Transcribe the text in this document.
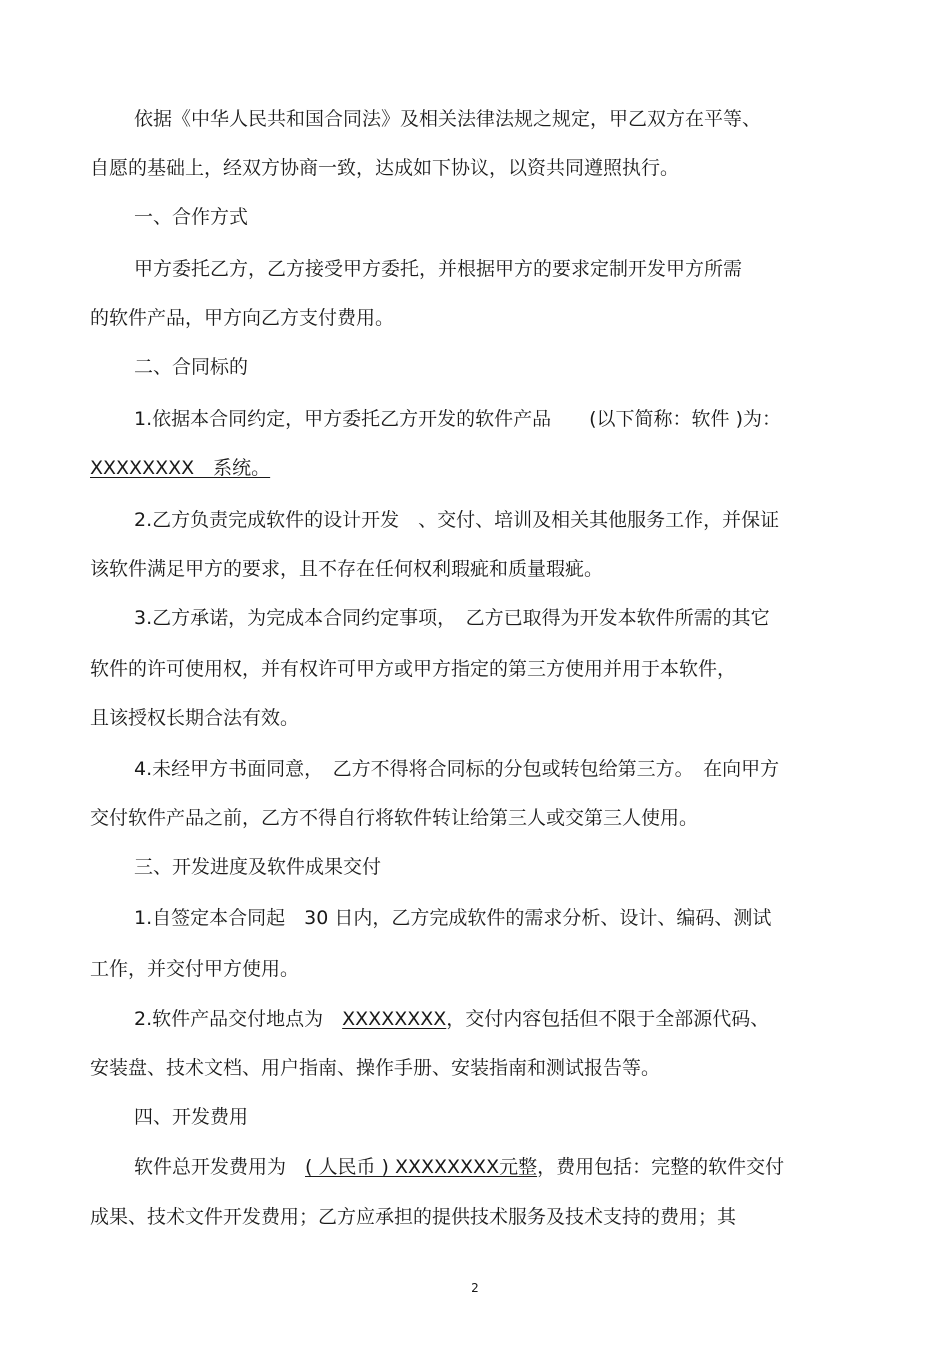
依据《中华人民共和国合同法》及相关法律法规之规定，甲乙双方在平等、
自愿的基础上，经双方协商一致，达成如下协议，以资共同遵照执行。
一、合作方式
甲方委托乙方，乙方接受甲方委托，并根据甲方的要求定制开发甲方所需
的软件产品，甲方向乙方支付费用。
二、合同标的
1.依据本合同约定，甲方委托乙方开发的软件产品　　(以下简称：软件 )为：
XXXXXXXX　系统。
2.乙方负责完成软件的设计开发　、交付、培训及相关其他服务工作，并保证
该软件满足甲方的要求，且不存在任何权利瑕疵和质量瑕疵。
3.乙方承诺，为完成本合同约定事项，　乙方已取得为开发本软件所需的其它
软件的许可使用权，并有权许可甲方或甲方指定的第三方使用并用于本软件，
且该授权长期合法有效。
4.未经甲方书面同意，　乙方不得将合同标的分包或转包给第三方。　在向甲方
交付软件产品之前，乙方不得自行将软件转让给第三人或交第三人使用。
三、开发进度及软件成果交付
1.自签定本合同起　30 日内，乙方完成软件的需求分析、设计、编码、测试
工作，并交付甲方使用。
2.软件产品交付地点为　XXXXXXXX，交付内容包括但不限于全部源代码、
安装盘、技术文档、用户指南、操作手册、安装指南和测试报告等。
四、开发费用
软件总开发费用为　( 人民币 ) XXXXXXXX元整，费用包括：完整的软件交付
成果、技术文件开发费用；乙方应承担的提供技术服务及技术支持的费用；其
2
